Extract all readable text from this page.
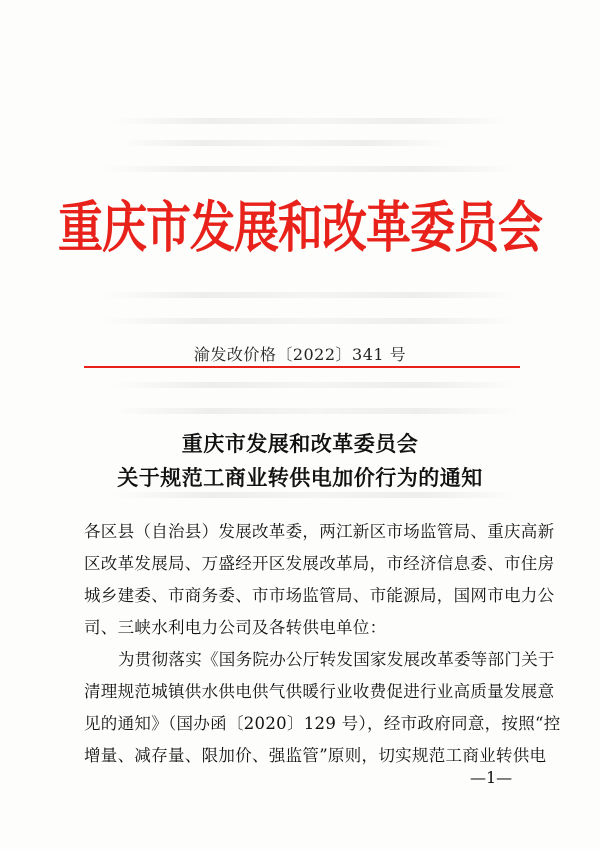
重庆市发展和改革委员会
渝发改价格〔2022〕341 号
重庆市发展和改革委员会
关于规范工商业转供电加价行为的通知
各区县（自治县）发展改革委，两江新区市场监管局、重庆高新
区改革发展局、万盛经开区发展改革局，市经济信息委、市住房
城乡建委、市商务委、市市场监管局、市能源局，国网市电力公
司、三峡水利电力公司及各转供电单位：
为贯彻落实《国务院办公厅转发国家发展改革委等部门关于
清理规范城镇供水供电供气供暖行业收费促进行业高质量发展意
见的通知》（国办函〔2020〕129 号），经市政府同意，按照“控
增量、减存量、限加价、强监管”原则，切实规范工商业转供电
—1—
